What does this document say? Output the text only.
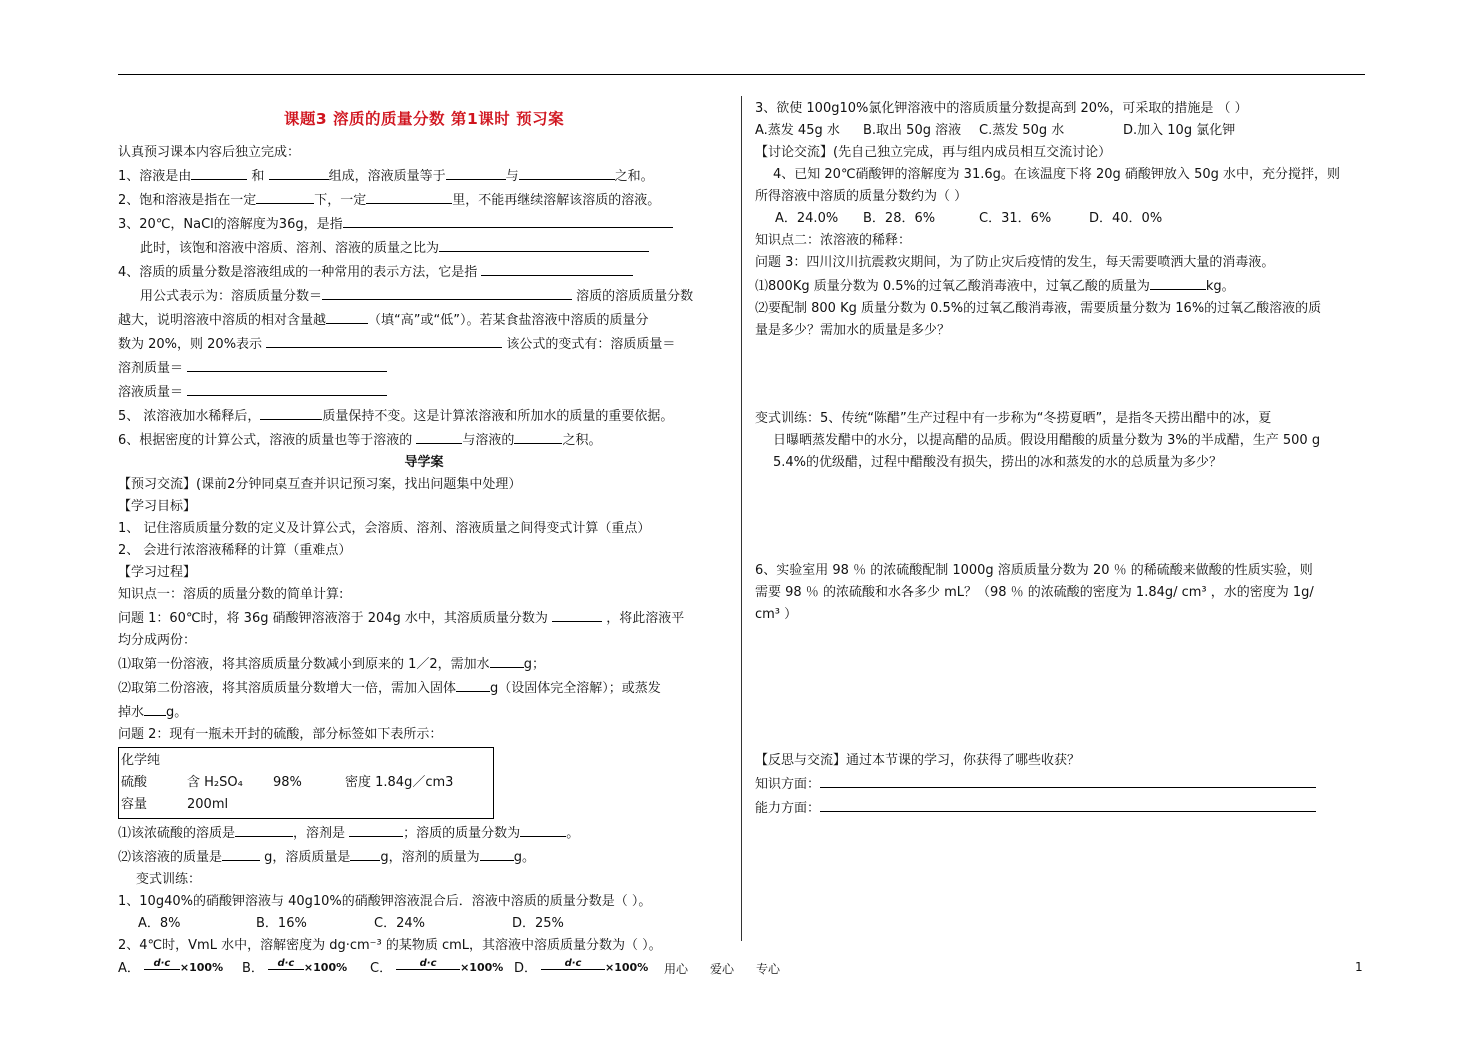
课题3 溶质的质量分数 第1课时 预习案

认真预习课本内容后独立完成：

1、溶液是由	和	组成，溶液质量等于	与	之和。

2、饱和溶液是指在一定	下，一定	里，不能再继续溶解该溶质的溶液。

3、20℃，NaCl的溶解度为36g，是指

此时，该饱和溶液中溶质、溶剂、溶液的质量之比为

4、溶质的质量分数是溶液组成的一种常用的表示方法，它是指

用公式表示为：溶质质量分数＝	溶质的溶质质量分数

越大，说明溶液中溶质的相对含量越	（填“高”或“低”）。若某食盐溶液中溶质的质量分

数为 20%，则 20%表示	该公式的变式有：溶质质量＝

溶剂质量＝

溶液质量＝

5、 浓溶液加水稀释后，	质量保持不变。这是计算浓溶液和所加水的质量的重要依据。

6、根据密度的计算公式，溶液的质量也等于溶液的	与溶液的	之积。

导学案

【预习交流】(课前2分钟同桌互查并识记预习案，找出问题集中处理）

【学习目标】

1、 记住溶质质量分数的定义及计算公式，会溶质、溶剂、溶液质量之间得变式计算（重点）

2、 会进行浓溶液稀释的计算（重难点）

【学习过程】

知识点一：溶质的质量分数的简单计算:

问题 1：60℃时，将 36g 硝酸钾溶液溶于 204g 水中，其溶质质量分数为	，将此溶液平

均分成两份：

⑴取第一份溶液，将其溶质质量分数减小到原来的 1／2，需加水	g；

⑵取第二份溶液，将其溶质质量分数增大一倍，需加入固体	g（设固体完全溶解）；或蒸发

掉水 g。

问题 2：现有一瓶未开封的硫酸，部分标签如下表所示：

化学纯
硫酸	含 H₂SO₄ 98%	密度 1.84g／cm3
容量	200ml

⑴该浓硫酸的溶质是	，溶剂是	；溶质的质量分数为	。

⑵该溶液的质量是	g，溶质质量是 g，溶剂的质量为	g。

变式训练：

1、10g40%的硝酸钾溶液与 40g10%的硝酸钾溶液混合后．溶液中溶质的质量分数是（ ）。

A．8%	B．16%	C．24%	D．25%

2、4℃时，VmL 水中，溶解密度为 dg·cm⁻³ 的某物质 cmL，其溶液中溶质质量分数为（ ）。

A．	d·c ×100% B．	d·c ×100% C．	d·c	×100% D．	d·c	×100%

3、欲使 100g10%氯化钾溶液中的溶质质量分数提高到 20%，可采取的措施是 （ ）

A.蒸发 45g 水 B.取出 50g 溶液 C.蒸发 50g 水	D.加入 10g 氯化钾

【讨论交流】(先自己独立完成，再与组内成员相互交流讨论）

4、已知 20℃硝酸钾的溶解度为 31.6g。在该温度下将 20g 硝酸钾放入 50g 水中，充分搅拌，则

所得溶液中溶质的质量分数约为（ ）

A．24.0% B．28．6%	C．31．6%	D．40．0%

知识点二：浓溶液的稀释：

问题 3：四川汶川抗震救灾期间，为了防止灾后疫情的发生，每天需要喷洒大量的消毒液。

⑴800Kg 质量分数为 0.5%的过氧乙酸消毒液中，过氧乙酸的质量为	kg。

⑵要配制 800 Kg 质量分数为 0.5%的过氧乙酸消毒液，需要质量分数为 16%的过氧乙酸溶液的质

量是多少？需加水的质量是多少？

变式训练：5、传统“陈醋”生产过程中有一步称为“冬捞夏晒”，是指冬天捞出醋中的冰，夏

日曝晒蒸发醋中的水分，以提高醋的品质。假设用醋酸的质量分数为 3%的半成醋，生产 500 g

5.4%的优级醋，过程中醋酸没有损失，捞出的冰和蒸发的水的总质量为多少？

6、实验室用 98 ％ 的浓硫酸配制 1000g 溶质质量分数为 20 ％ 的稀硫酸来做酸的性质实验，则

需要 98 ％ 的浓硫酸和水各多少 mL？（98 ％ 的浓硫酸的密度为 1.84g/ cm³ ，水的密度为 1g/

cm³ ）

【反思与交流】通过本节课的学习，你获得了哪些收获？

知识方面：

能力方面：

用心 爱心 专心	1
